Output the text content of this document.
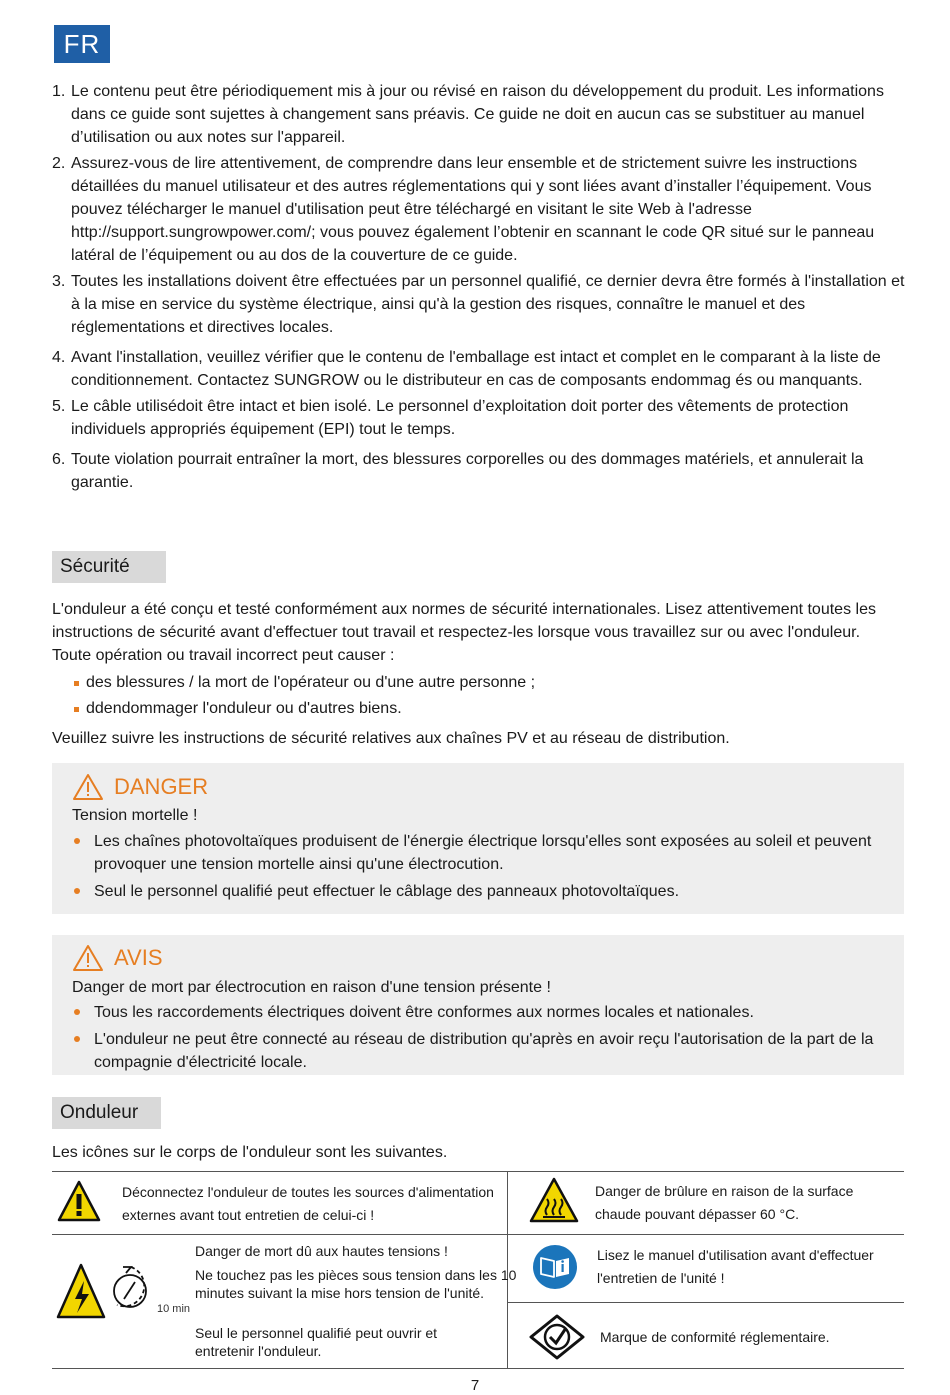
FR
1. Le contenu peut être périodiquement mis à jour ou révisé en raison du développement du produit. Les informations dans ce guide sont sujettes à changement sans préavis. Ce guide ne doit en aucun cas se substituer au manuel d’utilisation ou aux notes sur l'appareil.
2. Assurez-vous de lire attentivement, de comprendre dans leur ensemble et de strictement suivre les instructions détaillées du manuel utilisateur et des autres réglementations qui y sont liées avant d’installer l’équipement. Vous pouvez télécharger le manuel d'utilisation peut être téléchargé en visitant le site Web à l'adresse http://support.sungrowpower.com/; vous pouvez également l’obtenir en scannant le code QR situé sur le panneau latéral de l’équipement ou au dos de la couverture de ce guide.
3. Toutes les installations doivent être effectuées par un personnel qualifié, ce dernier devra être formés à l'installation et à la mise en service du système électrique, ainsi qu'à la gestion des risques, connaître le manuel et des réglementations et directives locales.
4. Avant l'installation, veuillez vérifier que le contenu de l'emballage est intact et complet en le comparant à la liste de conditionnement. Contactez SUNGROW ou le distributeur en cas de composants endommag és ou manquants.
5. Le câble utilisédoit être intact et bien isolé. Le personnel d’exploitation doit porter des vêtements de protection individuels appropriés équipement (EPI) tout le temps.
6. Toute violation pourrait entraîner la mort, des blessures corporelles ou des dommages matériels, et annulerait la garantie.
Sécurité

L'onduleur a été conçu et testé conformément aux normes de sécurité internationales. Lisez attentivement toutes les instructions de sécurité avant d'effectuer tout travail et respectez-les lorsque vous travaillez sur ou avec l'onduleur. Toute opération ou travail incorrect peut causer :

des blessures / la mort de l'opérateur ou d'une autre personne ;
ddendommager l'onduleur ou d'autres biens.

Veuillez suivre les instructions de sécurité relatives aux chaînes PV et au réseau de distribution.

DANGER
Tension mortelle !
Les chaînes photovoltaïques produisent de l'énergie électrique lorsqu'elles sont exposées au soleil et peuvent provoquer une tension mortelle ainsi qu'une électrocution.
Seul le personnel qualifié peut effectuer le câblage des panneaux photovoltaïques.
AVIS
Danger de mort par électrocution en raison d'une tension présente !
Tous les raccordements électriques doivent être conformes aux normes locales et nationales.
L'onduleur ne peut être connecté au réseau de distribution qu'après en avoir reçu l'autorisation de la part de la compagnie d'électricité locale.
Onduleur

Les icônes sur le corps de l'onduleur sont les suivantes.

Déconnectez l'onduleur de toutes les sources d'alimentation externes avant tout entretien de celui-ci !
Danger de brûlure en raison de la surface chaude pouvant dépasser 60 °C.
10 min
Danger de mort dû aux hautes tensions !
Ne touchez pas les pièces sous tension dans les 10 minutes suivant la mise hors tension de l'unité.
Seul le personnel qualifié peut ouvrir et entretenir l'onduleur.
Lisez le manuel d'utilisation avant d'effectuer l'entretien de l'unité !
Marque de conformité réglementaire.
7
